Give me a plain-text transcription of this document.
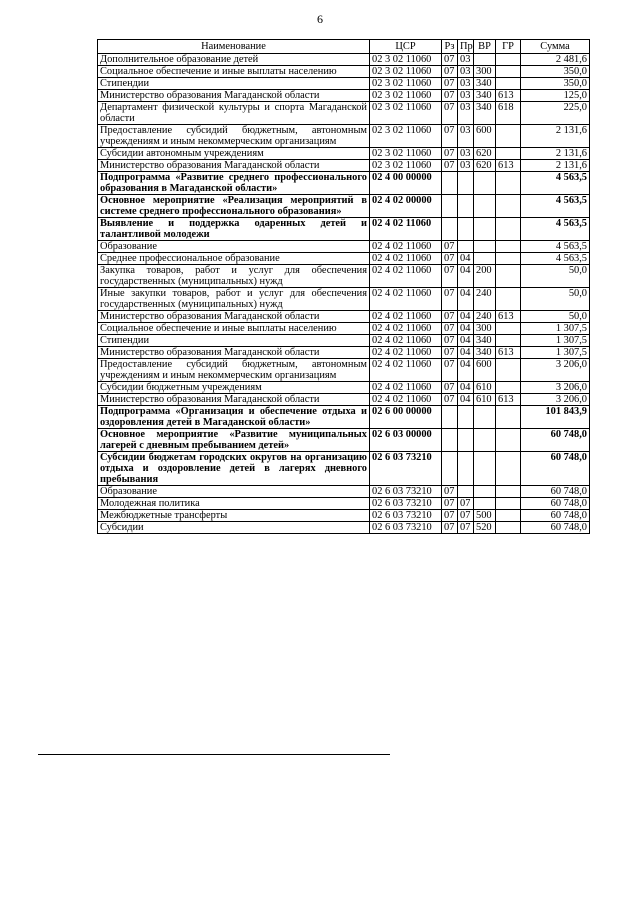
6
Наименование	ЦСР	Рз	Пр	ВР	ГР	Сумма
Дополнительное образование детей	02 3 02 11060	07	03			2 481,6
Социальное обеспечение и иные выплаты населению	02 3 02 11060	07	03	300		350,0
Стипендии	02 3 02 11060	07	03	340		350,0
Министерство образования Магаданской области	02 3 02 11060	07	03	340	613	125,0
Департамент физической культуры и спорта Магаданской области	02 3 02 11060	07	03	340	618	225,0
Предоставление субсидий бюджетным, автономным учреждениям и иным некоммерческим организациям	02 3 02 11060	07	03	600		2 131,6
Субсидии автономным учреждениям	02 3 02 11060	07	03	620		2 131,6
Министерство образования Магаданской области	02 3 02 11060	07	03	620	613	2 131,6
Подпрограмма «Развитие среднего профессионального образования в Магаданской области»	02 4 00 00000					4 563,5
Основное мероприятие «Реализация мероприятий в системе среднего профессионального образования»	02 4 02 00000					4 563,5
Выявление и поддержка одаренных детей и талантливой молодежи	02 4 02 11060					4 563,5
Образование	02 4 02 11060	07				4 563,5
Среднее профессиональное образование	02 4 02 11060	07	04			4 563,5
Закупка товаров, работ и услуг для обеспечения государственных (муниципальных) нужд	02 4 02 11060	07	04	200		50,0
Иные закупки товаров, работ и услуг для обеспечения государственных (муниципальных) нужд	02 4 02 11060	07	04	240		50,0
Министерство образования Магаданской области	02 4 02 11060	07	04	240	613	50,0
Социальное обеспечение и иные выплаты населению	02 4 02 11060	07	04	300		1 307,5
Стипендии	02 4 02 11060	07	04	340		1 307,5
Министерство образования Магаданской области	02 4 02 11060	07	04	340	613	1 307,5
Предоставление субсидий бюджетным, автономным учреждениям и иным некоммерческим организациям	02 4 02 11060	07	04	600		3 206,0
Субсидии бюджетным учреждениям	02 4 02 11060	07	04	610		3 206,0
Министерство образования Магаданской области	02 4 02 11060	07	04	610	613	3 206,0
Подпрограмма «Организация и обеспечение отдыха и оздоровления детей в Магаданской области»	02 6 00 00000					101 843,9
Основное мероприятие «Развитие муниципальных лагерей с дневным пребыванием детей»	02 6 03 00000					60 748,0
Субсидии бюджетам городских округов на организацию отдыха и оздоровление детей в лагерях дневного пребывания	02 6 03 73210					60 748,0
Образование	02 6 03 73210	07				60 748,0
Молодежная политика	02 6 03 73210	07	07			60 748,0
Межбюджетные трансферты	02 6 03 73210	07	07	500		60 748,0
Субсидии	02 6 03 73210	07	07	520		60 748,0
